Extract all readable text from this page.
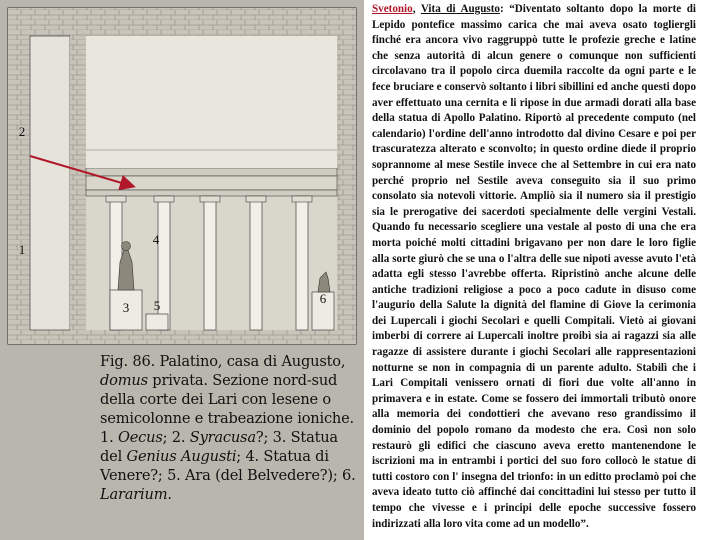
1
2
3
4
5	6
Fig. 86. Palatino, casa di Augusto, domus privata. Sezione nord-sud della corte dei Lari con lesene o semicolonne e trabeazione ioniche. 1. Oecus; 2. Syracusa?; 3. Statua del Genius Augusti; 4. Statua di Venere?; 5. Ara (del Belvedere?); 6. Lararium.
Svetonio, Vita di Augusto: “Diventato soltanto dopo la morte di Lepido pontefice massimo carica che mai aveva osato togliergli finché era ancora vivo raggruppò tutte le profezie greche e latine che senza autorità di alcun genere o comunque non sufficienti circolavano tra il popolo circa duemila raccolte da ogni parte e le fece bruciare e conservò soltanto i libri sibillini ed anche questi dopo aver effettuato una cernita e li ripose in due armadi dorati alla base della statua di Apollo Palatino. Riportò al precedente computo (nel calendario) l'ordine dell'anno introdotto dal divino Cesare e poi per trascuratezza alterato e sconvolto; in questo ordine diede il proprio soprannome al mese Sestile invece che al Settembre in cui era nato perché proprio nel Sestile aveva conseguito sia il suo primo consolato sia notevoli vittorie. Ampliò sia il numero sia il prestigio sia le prerogative dei sacerdoti specialmente delle vergini Vestali. Quando fu necessario scegliere una vestale al posto di una che era morta poiché molti cittadini brigavano per non dare le loro figlie alla sorte giurò che se una o l'altra delle sue nipoti avesse avuto l'età adatta egli stesso l'avrebbe offerta. Ripristinò anche alcune delle antiche tradizioni religiose a poco a poco cadute in disuso come l'augurio della Salute la dignità del flamine di Giove la cerimonia dei Lupercali i giochi Secolari e quelli Compitali. Vietò ai giovani imberbi di correre ai Lupercali inoltre proibì sia ai ragazzi sia alle ragazze di assistere durante i giochi Secolari alle rappresentazioni notturne se non in compagnia di un parente adulto. Stabilì che i Lari Compitali venissero ornati di fiori due volte all'anno in primavera e in estate. Come se fossero dei immortali tributò onore alla memoria dei condottieri che avevano reso grandissimo il dominio del popolo romano da modesto che era. Così non solo restaurò gli edifici che ciascuno aveva eretto mantenendone le iscrizioni ma in entrambi i portici del suo foro collocò le statue di tutti costoro con l' insegna del trionfo: in un editto proclamò poi che aveva ideato tutto ciò affinché dai concittadini lui stesso per tutto il tempo che vivesse e i principi delle epoche successive fossero indirizzati alla loro vita come ad un modello”.
